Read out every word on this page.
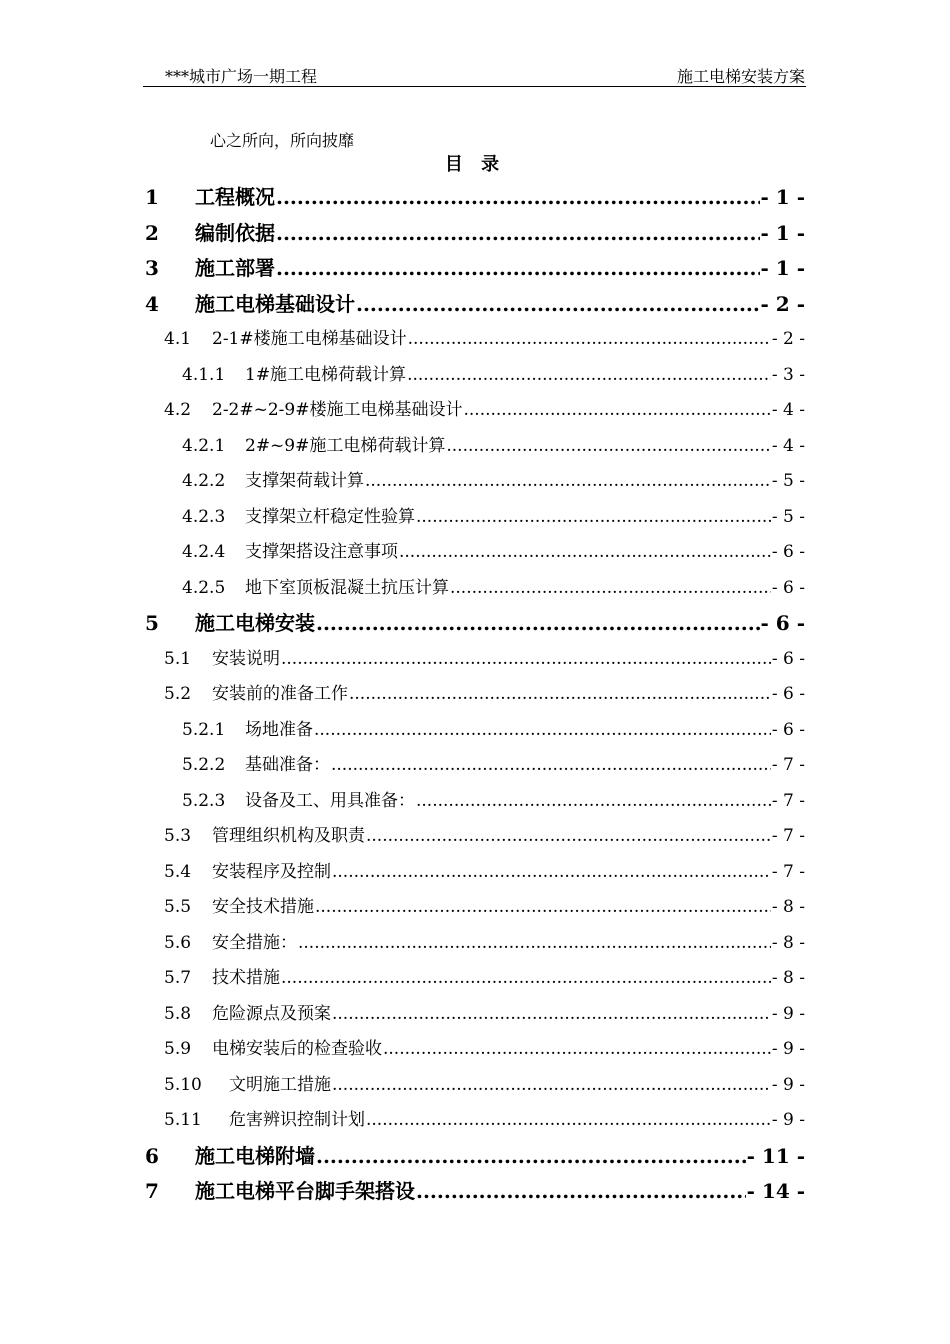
***城市广场一期工程	施工电梯安装方案
心之所向，所向披靡
目 录
1	工程概况 .....	- 1 -
2	编制依据 .....	- 1 -
3	施工部署 .....	- 1 -
4	施工电梯基础设计 .....	- 2 -
4.1	2-1#楼施工电梯基础设计 .....	- 2 -
4.1.1	1#施工电梯荷载计算 .....	- 3 -
4.2	2-2#~2-9#楼施工电梯基础设计 .....	- 4 -
4.2.1	2#~9#施工电梯荷载计算 .....	- 4 -
4.2.2	支撑架荷载计算 .....	- 5 -
4.2.3	支撑架立杆稳定性验算 .....	- 5 -
4.2.4	支撑架搭设注意事项 .....	- 6 -
4.2.5	地下室顶板混凝土抗压计算 .....	- 6 -
5	施工电梯安装 .....	- 6 -
5.1	安装说明 .....	- 6 -
5.2	安装前的准备工作 .....	- 6 -
5.2.1	场地准备 .....	- 6 -
5.2.2	基础准备： .....	- 7 -
5.2.3	设备及工、用具准备： .....	- 7 -
5.3	管理组织机构及职责 .....	- 7 -
5.4	安装程序及控制 .....	- 7 -
5.5	安全技术措施 .....	- 8 -
5.6	安全措施： .....	- 8 -
5.7	技术措施 .....	- 8 -
5.8	危险源点及预案 .....	- 9 -
5.9	电梯安装后的检查验收 .....	- 9 -
5.10	文明施工措施 .....	- 9 -
5.11	危害辨识控制计划 .....	- 9 -
6	施工电梯附墙 .....	- 11 -
7	施工电梯平台脚手架搭设 .....	- 14 -
